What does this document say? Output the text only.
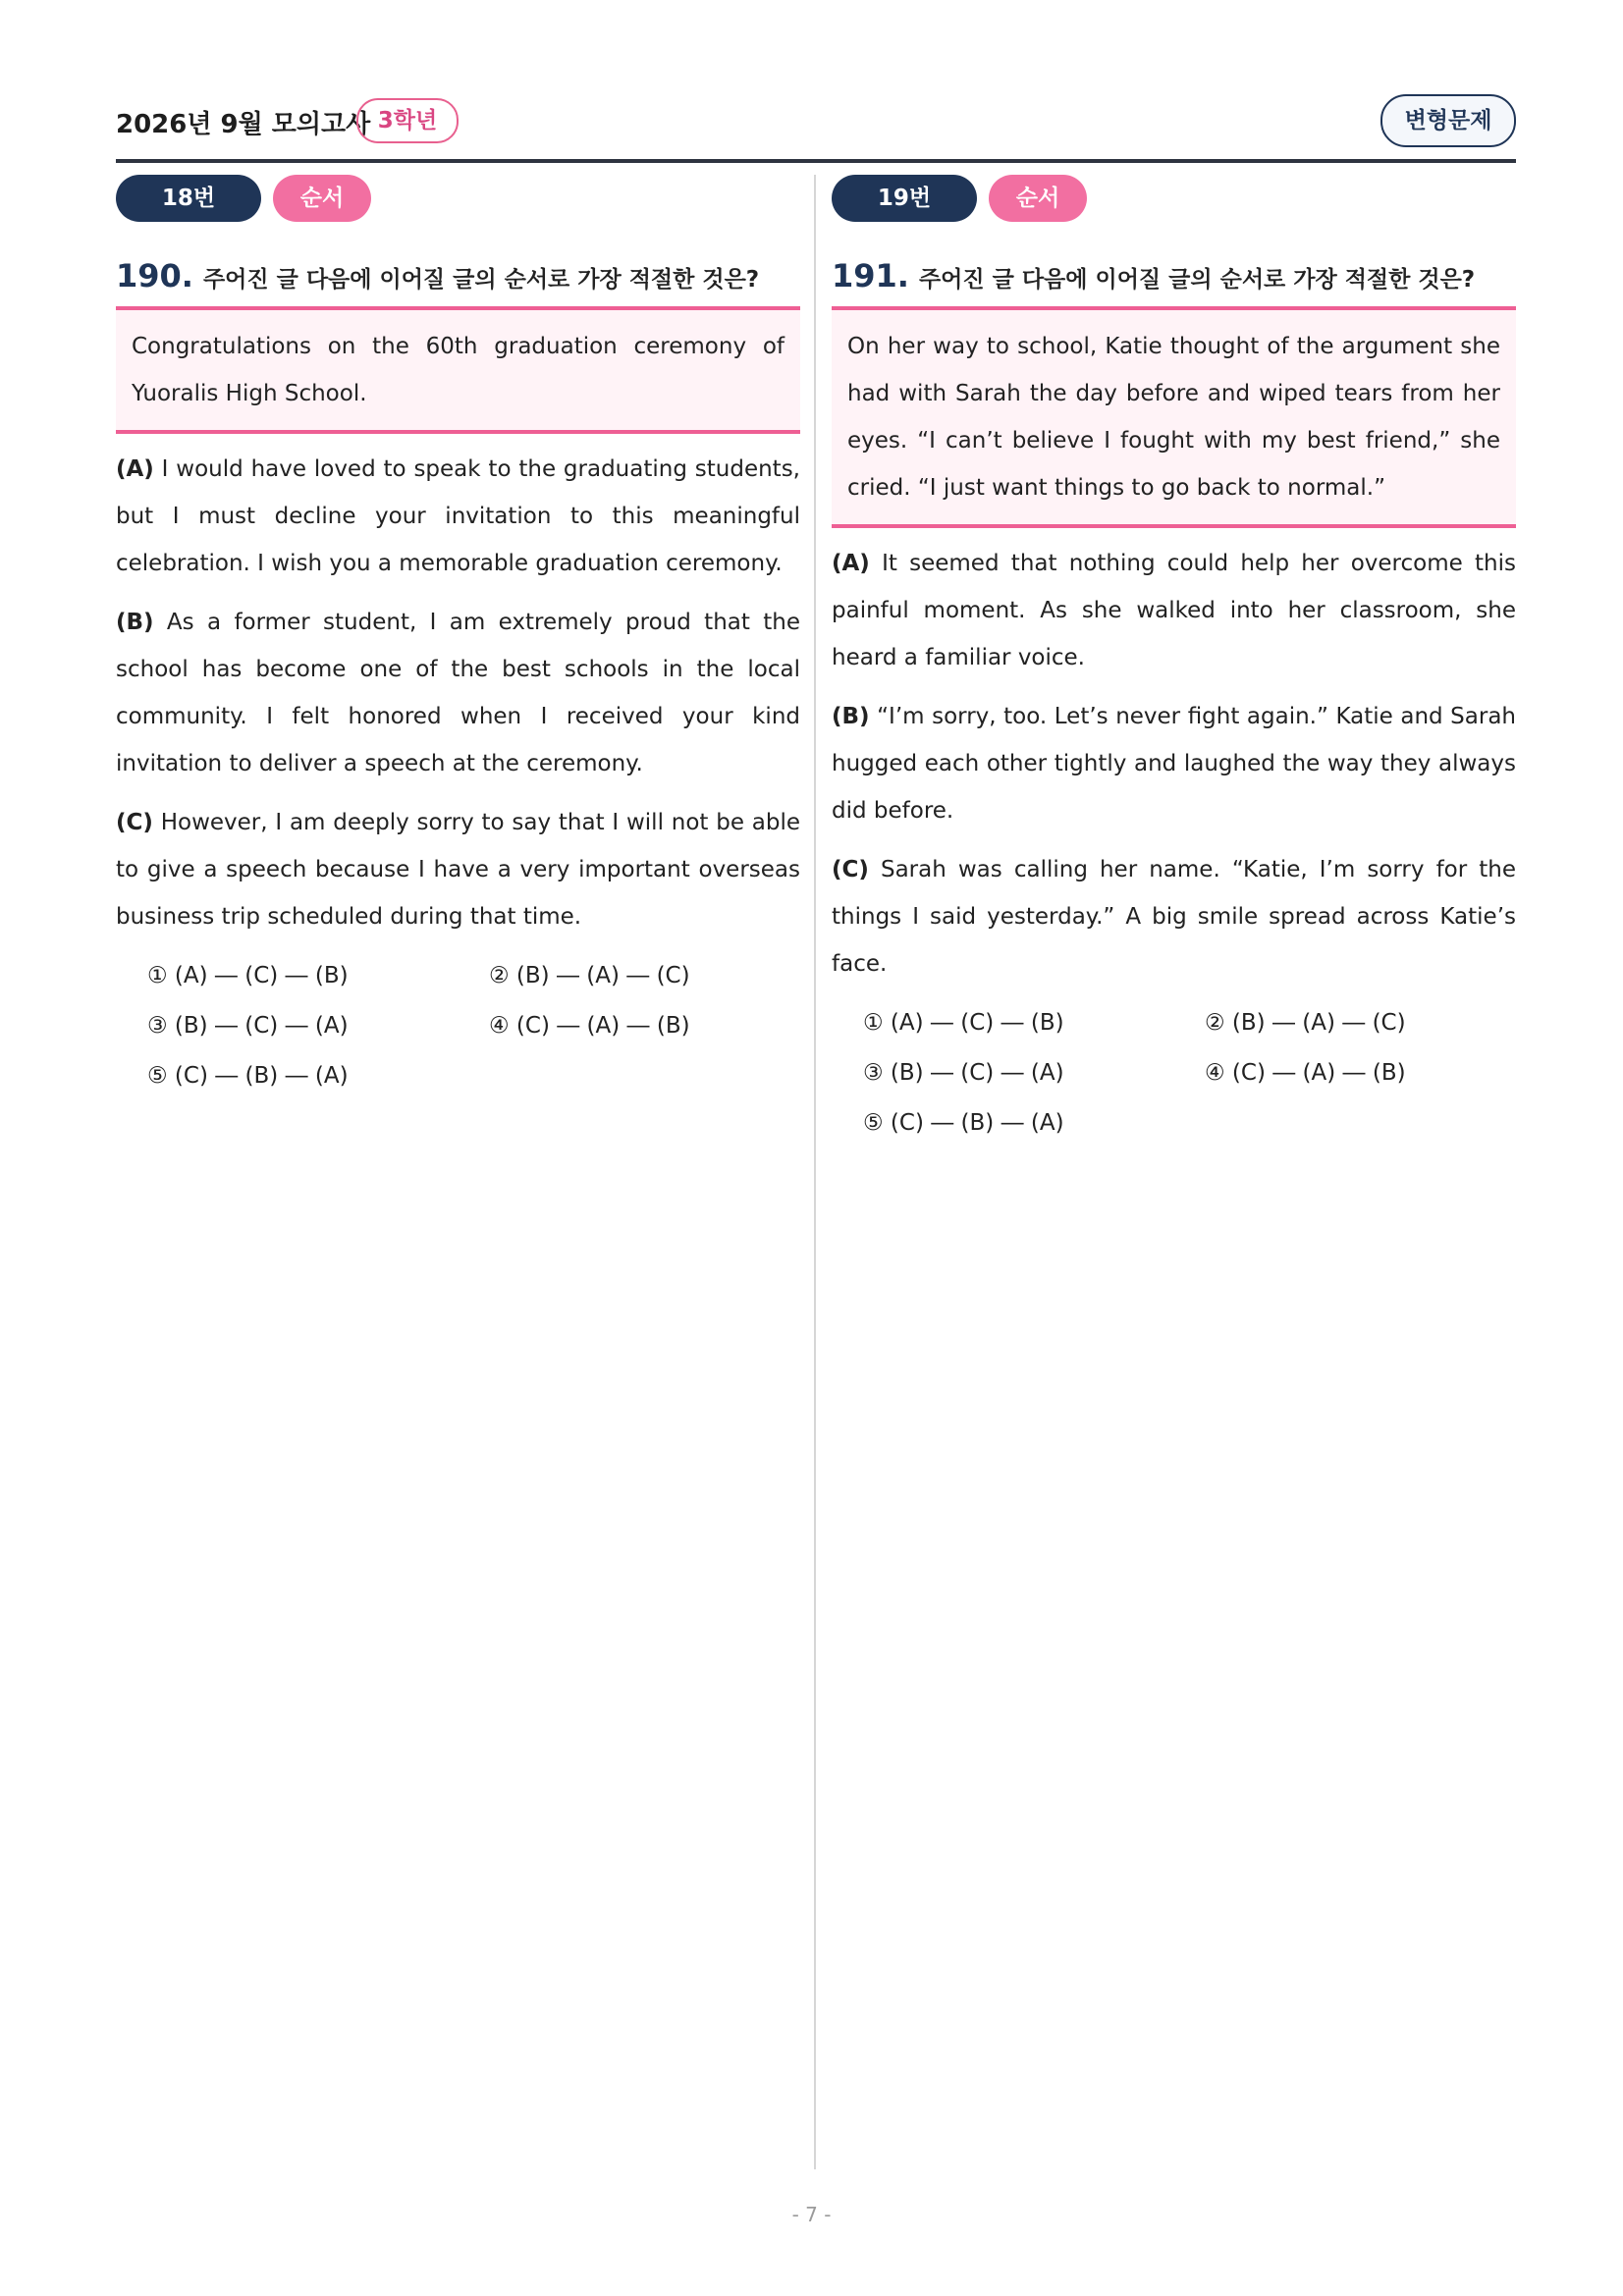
2026년 9월 모의고사 3학년	변형문제
18번	순서
190. 주어진 글 다음에 이어질 글의 순서로 가장 적절한 것은?
Congratulations on the 60th graduation ceremony of Yuoralis High School.
(A) I would have loved to speak to the graduating students, but I must decline your invitation to this meaningful celebration. I wish you a memorable graduation ceremony.
(B) As a former student, I am extremely proud that the school has become one of the best schools in the local community. I felt honored when I received your kind invitation to deliver a speech at the ceremony.
(C) However, I am deeply sorry to say that I will not be able to give a speech because I have a very important overseas business trip scheduled during that time.
① (A) ― (C) ― (B)	② (B) ― (A) ― (C)
③ (B) ― (C) ― (A)	④ (C) ― (A) ― (B)
⑤ (C) ― (B) ― (A)
19번	순서
191. 주어진 글 다음에 이어질 글의 순서로 가장 적절한 것은?
On her way to school, Katie thought of the argument she had with Sarah the day before and wiped tears from her eyes. “I can’t believe I fought with my best friend,” she cried. “I just want things to go back to normal.”
(A) It seemed that nothing could help her overcome this painful moment. As she walked into her classroom, she heard a familiar voice.
(B) “I’m sorry, too. Let’s never fight again.” Katie and Sarah hugged each other tightly and laughed the way they always did before.
(C) Sarah was calling her name. “Katie, I’m sorry for the things I said yesterday.” A big smile spread across Katie’s face.
① (A) ― (C) ― (B)	② (B) ― (A) ― (C)
③ (B) ― (C) ― (A)	④ (C) ― (A) ― (B)
⑤ (C) ― (B) ― (A)
- 7 -
